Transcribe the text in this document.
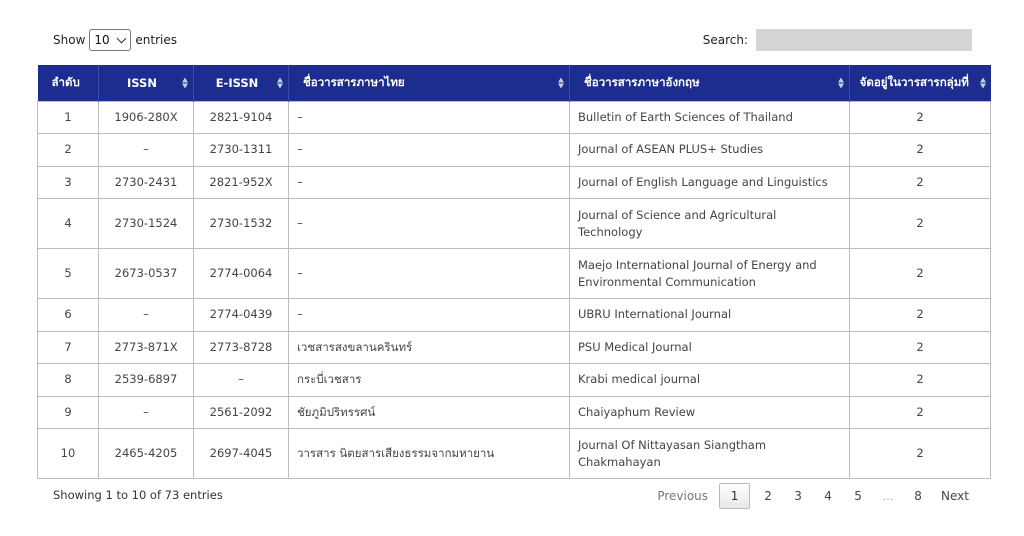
Show 10 entries	Search:
ลำดับ	ISSN	E-ISSN	ชื่อวารสารภาษาไทย	ชื่อวารสารภาษาอังกฤษ	จัดอยู่ในวารสารกลุ่มที่

1	1906-280X	2821-9104	–	Bulletin of Earth Sciences of Thailand	2
2	–	2730-1311	–	Journal of ASEAN PLUS+ Studies	2
3	2730-2431	2821-952X	–	Journal of English Language and Linguistics	2
4	2730-1524	2730-1532	–	Journal of Science and Agricultural Technology	2
5	2673-0537	2774-0064	–	Maejo International Journal of Energy and Environmental Communication	2
6	–	2774-0439	–	UBRU International Journal	2
7	2773-871X	2773-8728	เวชสารสงขลานครินทร์	PSU Medical Journal	2
8	2539-6897	–	กระบี่เวชสาร	Krabi medical journal	2
9	–	2561-2092	ชัยภูมิปริทรรศน์	Chaiyaphum Review	2
10	2465-4205	2697-4045	วารสาร นิตยสารเสียงธรรมจากมหายาน	Journal Of Nittayasan Siangtham Chakmahayan	2
Showing 1 to 10 of 73 entries	Previous	1	2	3	4	5	…	8	Next
